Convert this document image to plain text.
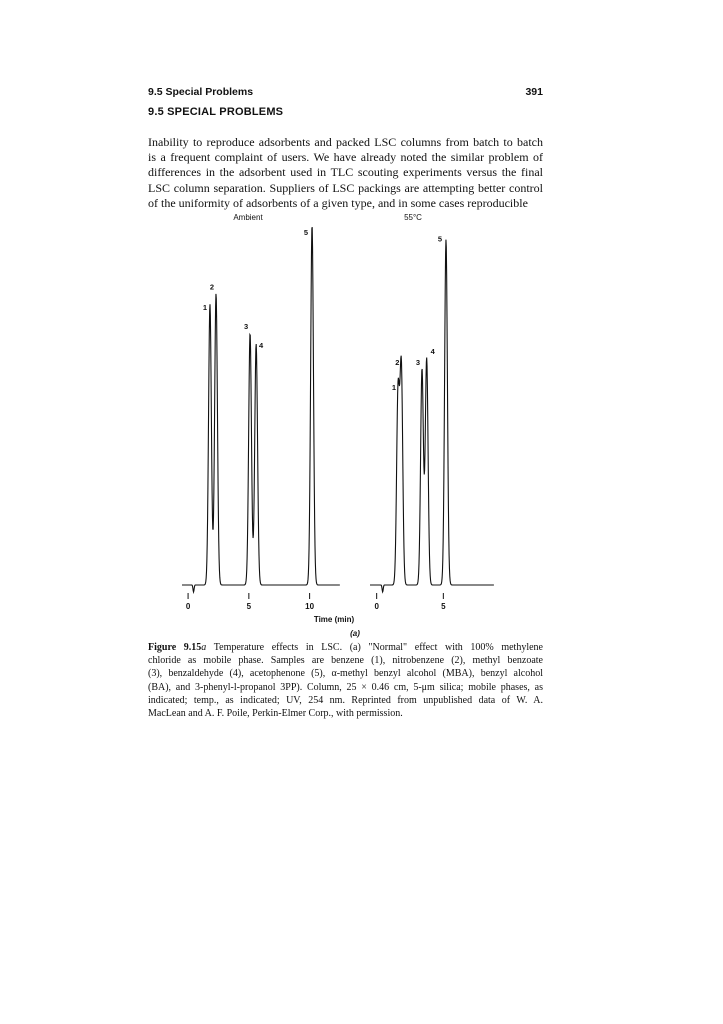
9.5 Special Problems	391
9.5 SPECIAL PROBLEMS
Inability to reproduce adsorbents and packed LSC columns from batch to batch
is a frequent complaint of users. We have already noted the similar problem of
differences in the adsorbent used in TLC scouting experiments versus the final
LSC column separation. Suppliers of LSC packings are attempting better control
of the uniformity of adsorbents of a given type, and in some cases reproducible
Ambient
1
2
3
4
5
0	5	10
55°C
1
2 3
4
5
0	5
Time (min)
(a)
Figure 9.15a Temperature effects in LSC. (a) "Normal" effect with 100% methylene
chloride as mobile phase. Samples are benzene (1), nitrobenzene (2), methyl benzoate
(3), benzaldehyde (4), acetophenone (5), α-methyl benzyl alcohol (MBA), benzyl alcohol
(BA), and 3-phenyl-l-propanol 3PP). Column, 25 × 0.46 cm, 5-μm silica; mobile phases, as
indicated; temp., as indicated; UV, 254 nm. Reprinted from unpublished data of W. A.
MacLean and A. F. Poile, Perkin-Elmer Corp., with permission.
